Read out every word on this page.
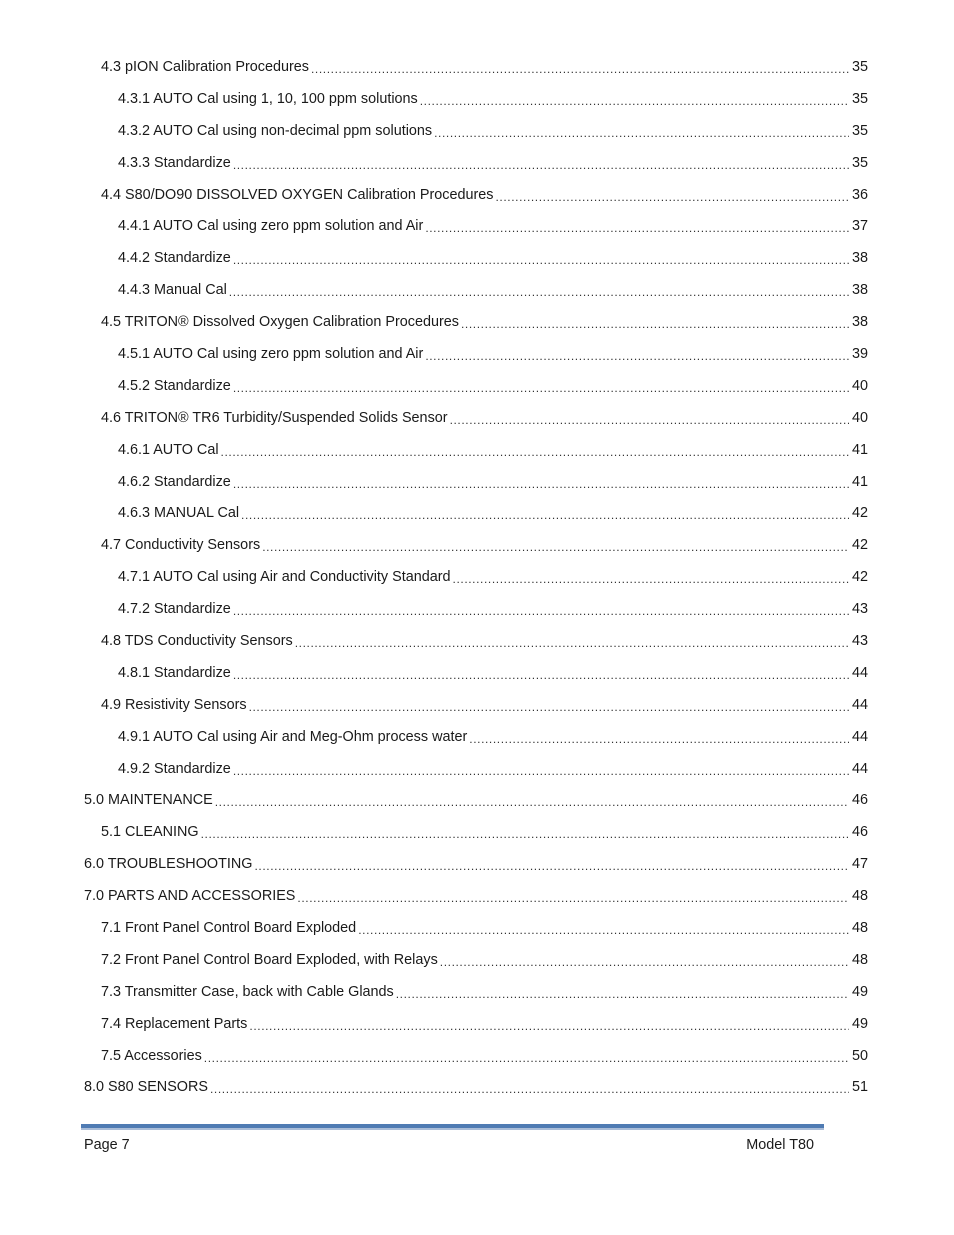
4.3 pION Calibration Procedures .....	35
4.3.1 AUTO Cal using 1, 10, 100 ppm solutions .....	35
4.3.2 AUTO Cal using non-decimal ppm solutions .....	35
4.3.3 Standardize .....	35
4.4 S80/DO90 DISSOLVED OXYGEN Calibration Procedures .....	36
4.4.1 AUTO Cal using zero ppm solution and Air .....	37
4.4.2 Standardize .....	38
4.4.3 Manual Cal .....	38
4.5 TRITON® Dissolved Oxygen Calibration Procedures .....	38
4.5.1 AUTO Cal using zero ppm solution and Air .....	39
4.5.2 Standardize .....	40
4.6 TRITON® TR6 Turbidity/Suspended Solids Sensor .....	40
4.6.1 AUTO Cal .....	41
4.6.2 Standardize .....	41
4.6.3 MANUAL Cal .....	42
4.7 Conductivity Sensors .....	42
4.7.1 AUTO Cal using Air and Conductivity Standard .....	42
4.7.2 Standardize .....	43
4.8 TDS Conductivity Sensors .....	43
4.8.1 Standardize .....	44
4.9 Resistivity Sensors .....	44
4.9.1 AUTO Cal using Air and Meg-Ohm process water .....	44
4.9.2 Standardize .....	44
5.0 MAINTENANCE .....	46
5.1 CLEANING .....	46
6.0 TROUBLESHOOTING .....	47
7.0 PARTS AND ACCESSORIES .....	48
7.1 Front Panel Control Board Exploded .....	48
7.2 Front Panel Control Board Exploded, with Relays .....	48
7.3 Transmitter Case, back with Cable Glands .....	49
7.4 Replacement Parts .....	49
7.5 Accessories .....	50
8.0 S80 SENSORS .....	51
Page 7	Model T80
